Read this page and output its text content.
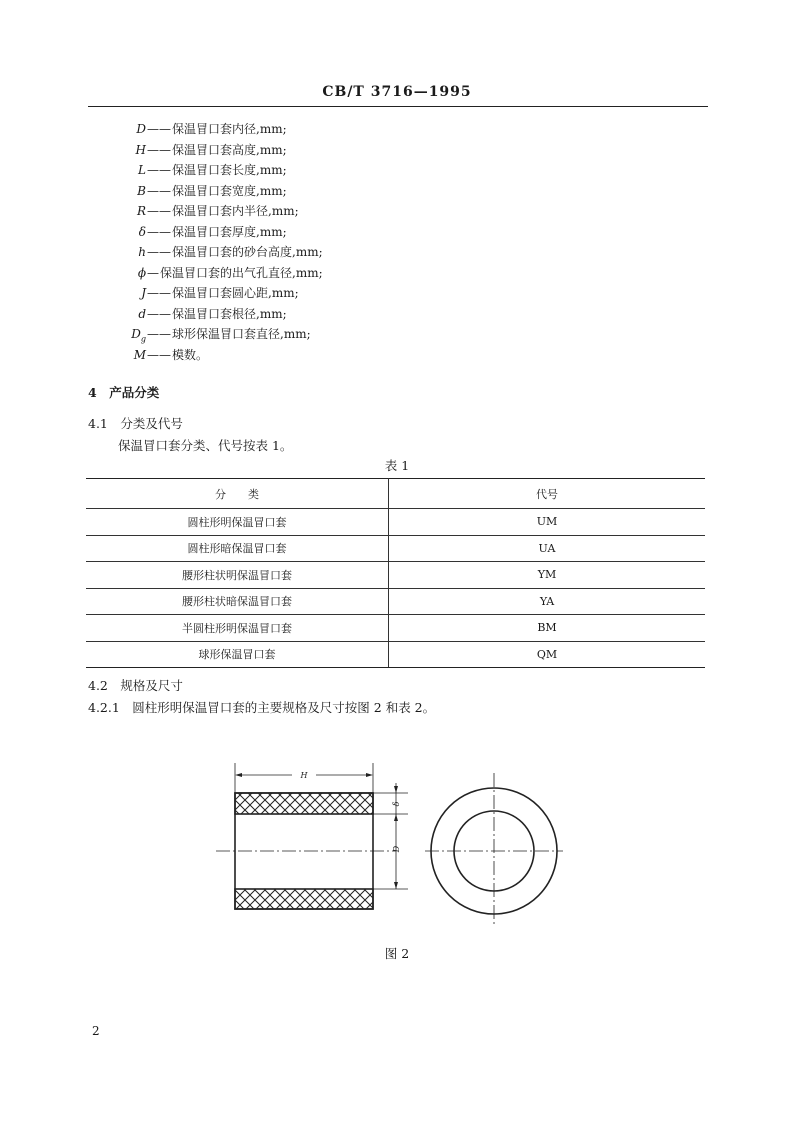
CB/T 3716—1995
D——保温冒口套内径,mm;
H——保温冒口套高度,mm;
L——保温冒口套长度,mm;
B——保温冒口套宽度,mm;
R——保温冒口套内半径,mm;
δ——保温冒口套厚度,mm;
h——保温冒口套的砂台高度,mm;
ϕ—保温冒口套的出气孔直径,mm;
J——保温冒口套圆心距,mm;
d——保温冒口套根径,mm;
$D_g——$球形保温冒口套直径,mm;
M——模数。
4　产品分类
4.1　分类及代号
保温冒口套分类、代号按表 1。
表 1
分　　类	代号
圆柱形明保温冒口套	UM
圆柱形暗保温冒口套	UA
腰形柱状明保温冒口套	YM
腰形柱状暗保温冒口套	YA
半圆柱形明保温冒口套	BM
球形保温冒口套	QM
4.2　规格及尺寸
4.2.1　圆柱形明保温冒口套的主要规格及尺寸按图 2 和表 2。
H
δ
D
图 2
2
